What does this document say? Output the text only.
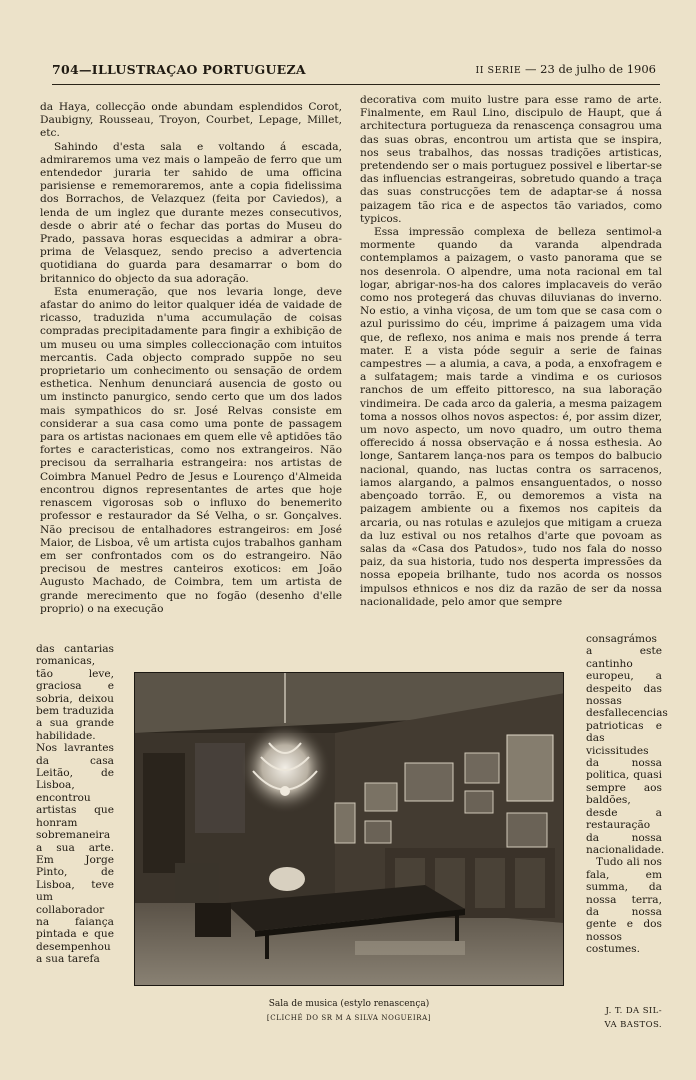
704—ILLUSTRAÇAO PORTUGUEZA	II SERIE — 23 de julho de 1906

da Haya, collecção onde abundam esplendidos Corot, Daubigny, Rousseau, Troyon, Courbet, Lepage, Millet, etc.

Sahindo d'esta sala e voltando á escada, admiraremos uma vez mais o lampeão de ferro que um entendedor juraria ter sahido de uma officina parisiense e rememoraremos, ante a copia fidelissima dos Borrachos, de Velazquez (feita por Caviedos), a lenda de um inglez que durante mezes consecutivos, desde o abrir até o fechar das portas do Museu do Prado, passava horas esquecidas a admirar a obra-prima de Velasquez, sendo preciso a advertencia quotidiana do guarda para desamarrar o bom do britannico do objecto da sua adoração.

Esta enumeração, que nos levaria longe, deve afastar do animo do leitor qualquer idéa de vaidade de ricasso, traduzida n'uma accumulação de coisas compradas precipitadamente para fingir a exhibição de um museu ou uma simples colleccionação com intuitos mercantis. Cada objecto comprado suppõe no seu proprietario um conhecimento ou sensação de ordem esthetica. Nenhum denunciará ausencia de gosto ou um instincto panurgico, sendo certo que um dos lados mais sympathicos do sr. José Relvas consiste em considerar a sua casa como uma ponte de passagem para os artistas nacionaes em quem elle vê aptidões tão fortes e caracteristicas, como nos extrangeiros. Não precisou da serralharia estrangeira: nos artistas de Coimbra Manuel Pedro de Jesus e Lourenço d'Almeida encontrou dignos representantes de artes que hoje renascem vigorosas sob o influxo do benemerito professor e restaurador da Sé Velha, o sr. Gonçalves. Não precisou de entalhadores estrangeiros: em José Maior, de Lisboa, vê um artista cujos trabalhos ganham em ser confrontados com os do estrangeiro. Não precisou de mestres canteiros exoticos: em João Augusto Machado, de Coimbra, tem um artista de grande merecimento que no fogão (desenho d'elle proprio) o na execução

das cantarias romanicas, tão leve, graciosa e sobria, deixou bem traduzida a sua grande habilidade. Nos lavrantes da casa Leitão, de Lisboa, encontrou artistas que honram sobremaneira a sua arte. Em Jorge Pinto, de Lisboa, teve um collaborador na faiança pintada e que desempenhou a sua tarefa

decorativa com muito lustre para esse ramo de arte. Finalmente, em Raul Lino, discipulo de Haupt, que á architectura portugueza da renascença consagrou uma das suas obras, encontrou um artista que se inspira, nos seus trabalhos, das nossas tradições artisticas, pretendendo ser o mais portuguez possivel e libertar-se das influencias estrangeiras, sobretudo quando a traça das suas construcções tem de adaptar-se á nossa paizagem tão rica e de aspectos tão variados, como typicos.

Essa impressão complexa de belleza sentimol-a mormente quando da varanda alpendrada contemplamos a paizagem, o vasto panorama que se nos desenrola. O alpendre, uma nota racional em tal logar, abrigar-nos-ha dos calores implacaveis do verão como nos protegerá das chuvas diluvianas do inverno. No estio, a vinha viçosa, de um tom que se casa com o azul purissimo do céu, imprime á paizagem uma vida que, de reflexo, nos anima e mais nos prende á terra mater. E a vista póde seguir a serie de fainas campestres — a alumia, a cava, a poda, a enxofragem e a sulfatagem; mais tarde a vindima e os curiosos ranchos de um effeito pittoresco, na sua laboração vindimeira. De cada arco da galeria, a mesma paizagem toma a nossos olhos novos aspectos: é, por assim dizer, um novo aspecto, um novo quadro, um outro thema offerecido á nossa observação e á nossa esthesia. Ao longe, Santarem lança-nos para os tempos do balbucio nacional, quando, nas luctas contra os sarracenos, iamos alargando, a palmos ensanguentados, o nosso abençoado torrão. E, ou demoremos a vista na paizagem ambiente ou a fixemos nos capiteis da arcaria, ou nas rotulas e azulejos que mitigam a crueza da luz estival ou nos retalhos d'arte que povoam as salas da «Casa dos Patudos», tudo nos fala do nosso paiz, da sua historia, tudo nos desperta impressões da nossa epopeia brilhante, tudo nos acorda os nossos impulsos ethnicos e nos diz da razão de ser da nossa nacionalidade, pelo amor que sempre

consagrámos a este cantinho europeu, a despeito das nossas desfallecencias patrioticas e das vicissitudes da nossa politica, quasi sempre aos baldões, desde a restauração da nossa nacionalidade.

Tudo ali nos fala, em summa, da nossa terra, da nossa gente e dos nossos costumes.

Sala de musica (estylo renascença)
[CLICHÉ DO SR M A SILVA NOGUEIRA]
J. T. DA SIL-
VA BASTOS.
